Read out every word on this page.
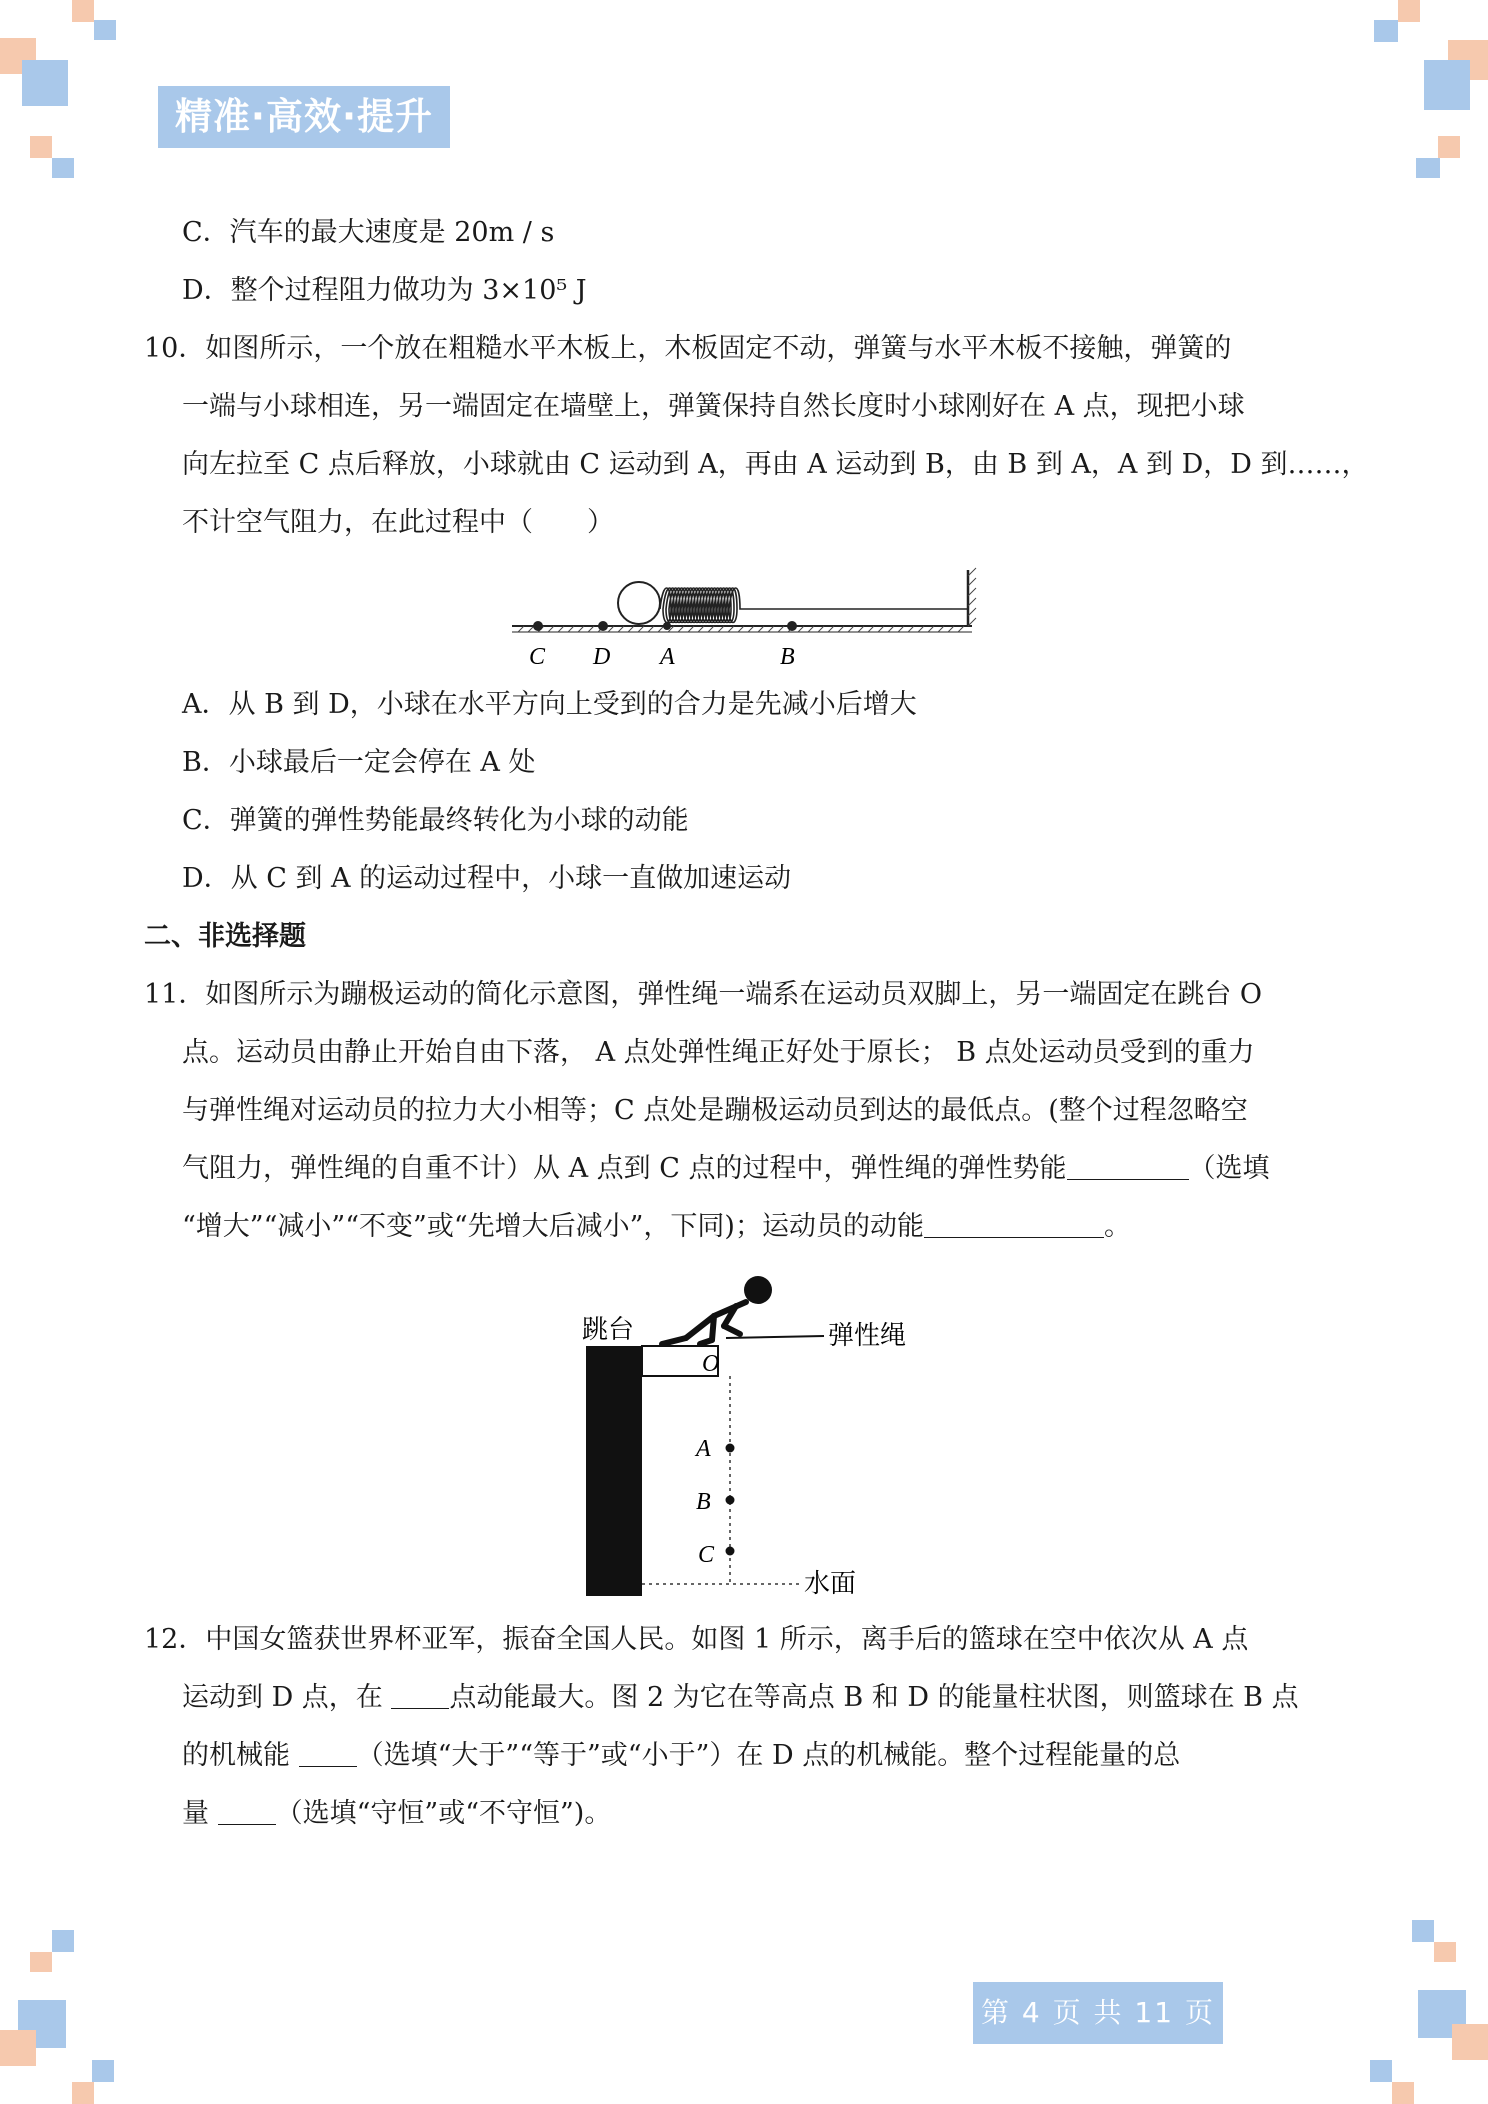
精准·高效·提升
C．汽车的最大速度是 20m / s
D．整个过程阻力做功为 3×10⁵ J
10．如图所示，一个放在粗糙水平木板上，木板固定不动，弹簧与水平木板不接触，弹簧的
一端与小球相连，另一端固定在墙壁上，弹簧保持自然长度时小球刚好在 A 点，现把小球
向左拉至 C 点后释放，小球就由 C 运动到 A，再由 A 运动到 B，由 B 到 A，A 到 D，D 到……，
不计空气阻力，在此过程中（　　）
C D A	B
A．从 B 到 D，小球在水平方向上受到的合力是先减小后增大
B．小球最后一定会停在 A 处
C．弹簧的弹性势能最终转化为小球的动能
D．从 C 到 A 的运动过程中，小球一直做加速运动
二、非选择题
11．如图所示为蹦极运动的简化示意图，弹性绳一端系在运动员双脚上，另一端固定在跳台 O
点。运动员由静止开始自由下落， A 点处弹性绳正好处于原长； B 点处运动员受到的重力
与弹性绳对运动员的拉力大小相等；C 点处是蹦极运动员到达的最低点。(整个过程忽略空
气阻力，弹性绳的自重不计）从 A 点到 C 点的过程中，弹性绳的弹性势能	（选填
“增大”“减小”“不变”或“先增大后减小”，下同)；运动员的动能	。
跳台
O
弹性绳
A
B
C
水面
12．中国女篮获世界杯亚军，振奋全国人民。如图 1 所示，离手后的篮球在空中依次从 A 点
运动到 D 点，在 点动能最大。图 2 为它在等高点 B 和 D 的能量柱状图，则篮球在 B 点
的机械能 （选填“大于”“等于”或“小于”）在 D 点的机械能。整个过程能量的总
量 （选填“守恒”或“不守恒”)。
第 4 页 共 11 页
